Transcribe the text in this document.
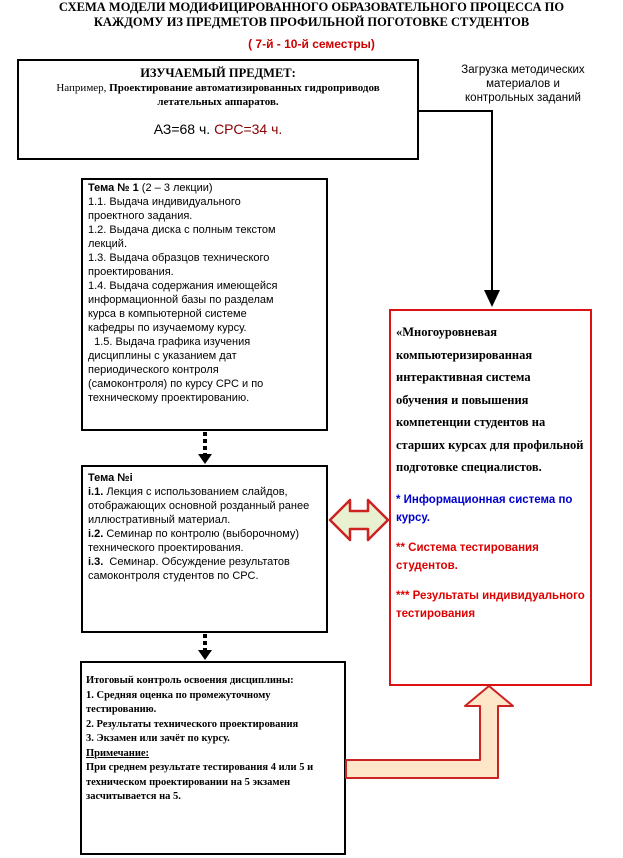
СХЕМА МОДЕЛИ МОДИФИЦИРОВАННОГО ОБРАЗОВАТЕЛЬНОГО ПРОЦЕССА ПО
КАЖДОМУ ИЗ ПРЕДМЕТОВ ПРОФИЛЬНОЙ ПОГОТОВКЕ СТУДЕНТОВ
( 7-й - 10-й семестры)
ИЗУЧАЕМЫЙ ПРЕДМЕТ:
Например, Проектирование автоматизированных гидроприводов летательных аппаратов.
АЗ=68 ч. СРС=34 ч.
Загрузка методических
материалов и
контрольных заданий
Тема № 1 (2 – 3 лекции)

1.1. Выдача индивидуального

проектного задания.

1.2. Выдача диска с полным текстом

лекций.

1.3. Выдача образцов технического

проектирования.

1.4. Выдача содержания имеющейся

информационной базы по разделам

курса в компьютерной системе

кафедры по изучаемому курсу.

1.5. Выдача графика изучения

дисциплины с указанием дат

периодического контроля

(самоконтроля) по курсу СРС и по

техническому проектированию.

Тема №i
i.1. Лекция с использованием слайдов, отображающих основной розданный ранее иллюстративный материал.
i.2. Семинар по контролю (выборочному) технического проектирования.
i.3.  Семинар. Обсуждение результатов самоконтроля студентов по СРС.
Итоговый контроль освоения дисциплины:
1. Средняя оценка по промежуточному тестированию.
2. Результаты технического проектирования
3. Экзамен или зачёт по курсу.
Примечание:
При среднем результате тестирования 4 или 5 и техническом проектировании на 5 экзамен засчитывается на 5.
«Многоуровневая компьютеризированная интерактивная система обучения и повышения компетенции студентов на старших курсах для профильной подготовке специалистов.
* Информационная система по курсу.
** Система тестирования студентов.
*** Результаты индивидуального тестирования
